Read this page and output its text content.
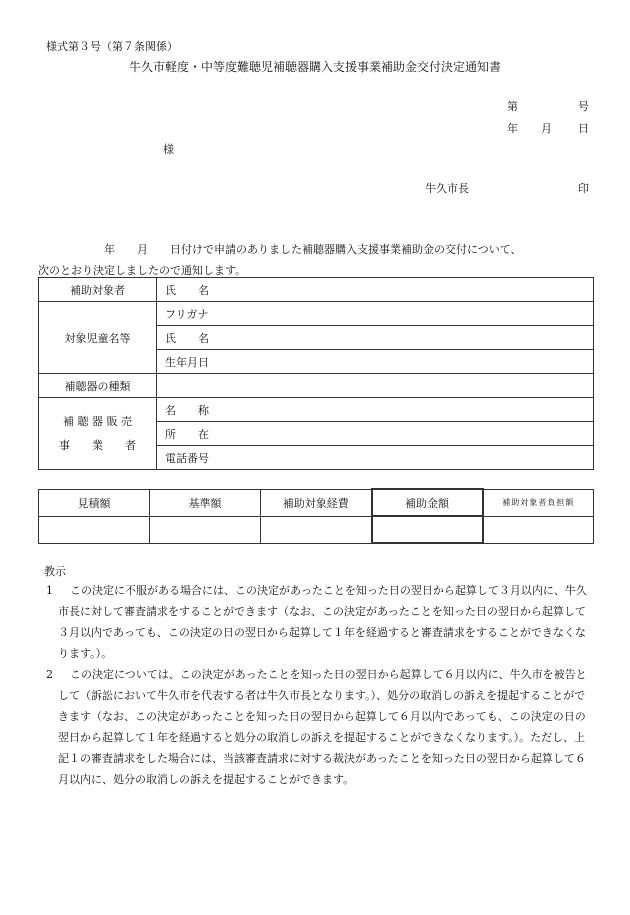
様式第３号（第７条関係）
牛久市軽度・中等度難聴児補聴器購入支援事業補助金交付決定通知書
第	号
年 月 日
様
牛久市長	印
年 月 日付けで申請のありました補聴器購入支援事業補助金の交付について、
次のとおり決定しましたので通知します。
補助対象者	氏　　名
対象児童名等	フリガナ
	氏　　名
	生年月日
補聴器の種類	

補 聴 器 販 売
事　　業　　者	名　　称
	所　　在
	電話番号
見積額	基準額	補助対象経費	補助金額	補助対象者負担額

教示
1	この決定に不服がある場合には、この決定があったことを知った日の翌日から起算して３月以内に、牛久市長に対して審査請求をすることができます（なお、この決定があったことを知った日の翌日から起算して３月以内であっても、この決定の日の翌日から起算して１年を経過すると審査請求をすることができなくなります。）。
2	この決定については、この決定があったことを知った日の翌日から起算して６月以内に、牛久市を被告として（訴訟において牛久市を代表する者は牛久市長となります。）、処分の取消しの訴えを提起することができます（なお、この決定があったことを知った日の翌日から起算して６月以内であっても、この決定の日の翌日から起算して１年を経過すると処分の取消しの訴えを提起することができなくなります。）。ただし、上記１の審査請求をした場合には、当該審査請求に対する裁決があったことを知った日の翌日から起算して６月以内に、処分の取消しの訴えを提起することができます。
